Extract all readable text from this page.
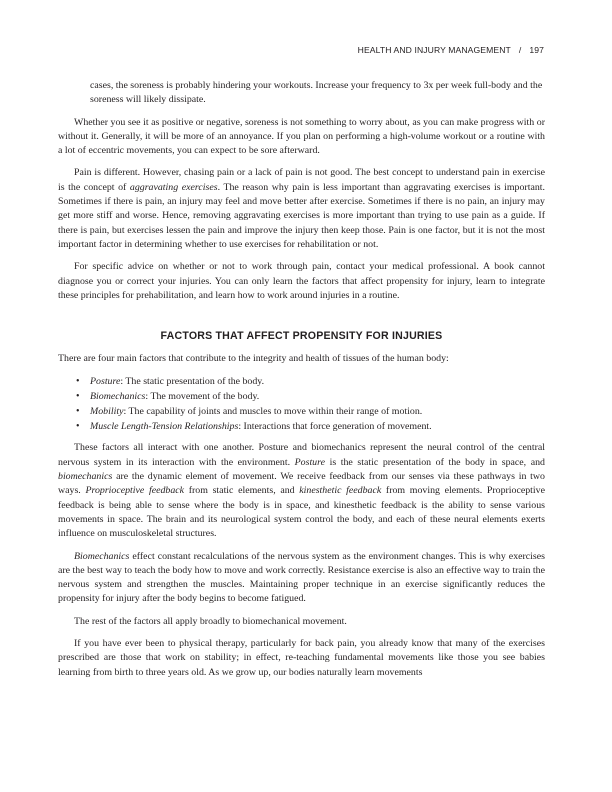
HEALTH AND INJURY MANAGEMENT / 197

cases, the soreness is probably hindering your workouts. Increase your frequency to 3x per week full-body and the soreness will likely dissipate.

Whether you see it as positive or negative, soreness is not something to worry about, as you can make progress with or without it. Generally, it will be more of an annoyance. If you plan on performing a high-volume workout or a routine with a lot of eccentric movements, you can expect to be sore afterward.

Pain is different. However, chasing pain or a lack of pain is not good. The best concept to understand pain in exercise is the concept of aggravating exercises. The reason why pain is less important than aggravating exercises is important. Sometimes if there is pain, an injury may feel and move better after exercise. Sometimes if there is no pain, an injury may get more stiff and worse. Hence, removing aggravating exercises is more important than trying to use pain as a guide. If there is pain, but exercises lessen the pain and improve the injury then keep those. Pain is one factor, but it is not the most important factor in determining whether to use exercises for rehabilitation or not.

For specific advice on whether or not to work through pain, contact your medical professional. A book cannot diagnose you or correct your injuries. You can only learn the factors that affect propensity for injury, learn to integrate these principles for prehabilitation, and learn how to work around injuries in a routine.

FACTORS THAT AFFECT PROPENSITY FOR INJURIES

There are four main factors that contribute to the integrity and health of tissues of the human body:

• Posture: The static presentation of the body.
• Biomechanics: The movement of the body.
• Mobility: The capability of joints and muscles to move within their range of motion.
• Muscle Length-Tension Relationships: Interactions that force generation of movement.

These factors all interact with one another. Posture and biomechanics represent the neural control of the central nervous system in its interaction with the environment. Posture is the static presentation of the body in space, and biomechanics are the dynamic element of movement. We receive feedback from our senses via these pathways in two ways. Proprioceptive feedback from static elements, and kinesthetic feedback from moving elements. Proprioceptive feedback is being able to sense where the body is in space, and kinesthetic feedback is the ability to sense various movements in space. The brain and its neurological system control the body, and each of these neural elements exerts influence on musculoskeletal structures.

Biomechanics effect constant recalculations of the nervous system as the environment changes. This is why exercises are the best way to teach the body how to move and work correctly. Resistance exercise is also an effective way to train the nervous system and strengthen the muscles. Maintaining proper technique in an exercise significantly reduces the propensity for injury after the body begins to become fatigued.

The rest of the factors all apply broadly to biomechanical movement.

If you have ever been to physical therapy, particularly for back pain, you already know that many of the exercises prescribed are those that work on stability; in effect, re-teaching fundamental movements like those you see babies learning from birth to three years old. As we grow up, our bodies naturally learn movements
